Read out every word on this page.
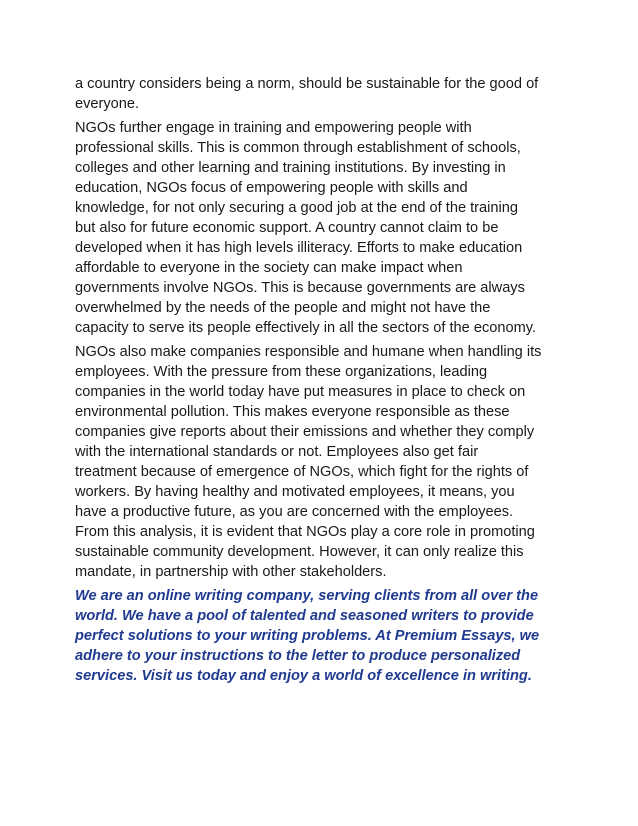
a country considers being a norm, should be sustainable for the good of
everyone.

NGOs further engage in training and empowering people with
professional skills. This is common through establishment of schools,
colleges and other learning and training institutions. By investing in
education, NGOs focus of empowering people with skills and
knowledge, for not only securing a good job at the end of the training
but also for future economic support. A country cannot claim to be
developed when it has high levels illiteracy. Efforts to make education
affordable to everyone in the society can make impact when
governments involve NGOs. This is because governments are always
overwhelmed by the needs of the people and might not have the
capacity to serve its people effectively in all the sectors of the economy.

NGOs also make companies responsible and humane when handling its
employees. With the pressure from these organizations, leading
companies in the world today have put measures in place to check on
environmental pollution. This makes everyone responsible as these
companies give reports about their emissions and whether they comply
with the international standards or not. Employees also get fair
treatment because of emergence of NGOs, which fight for the rights of
workers. By having healthy and motivated employees, it means, you
have a productive future, as you are concerned with the employees.
From this analysis, it is evident that NGOs play a core role in promoting
sustainable community development. However, it can only realize this
mandate, in partnership with other stakeholders.

We are an online writing company, serving clients from all over the
world. We have a pool of talented and seasoned writers to provide
perfect solutions to your writing problems. At Premium Essays, we
adhere to your instructions to the letter to produce personalized
services. Visit us today and enjoy a world of excellence in writing.
